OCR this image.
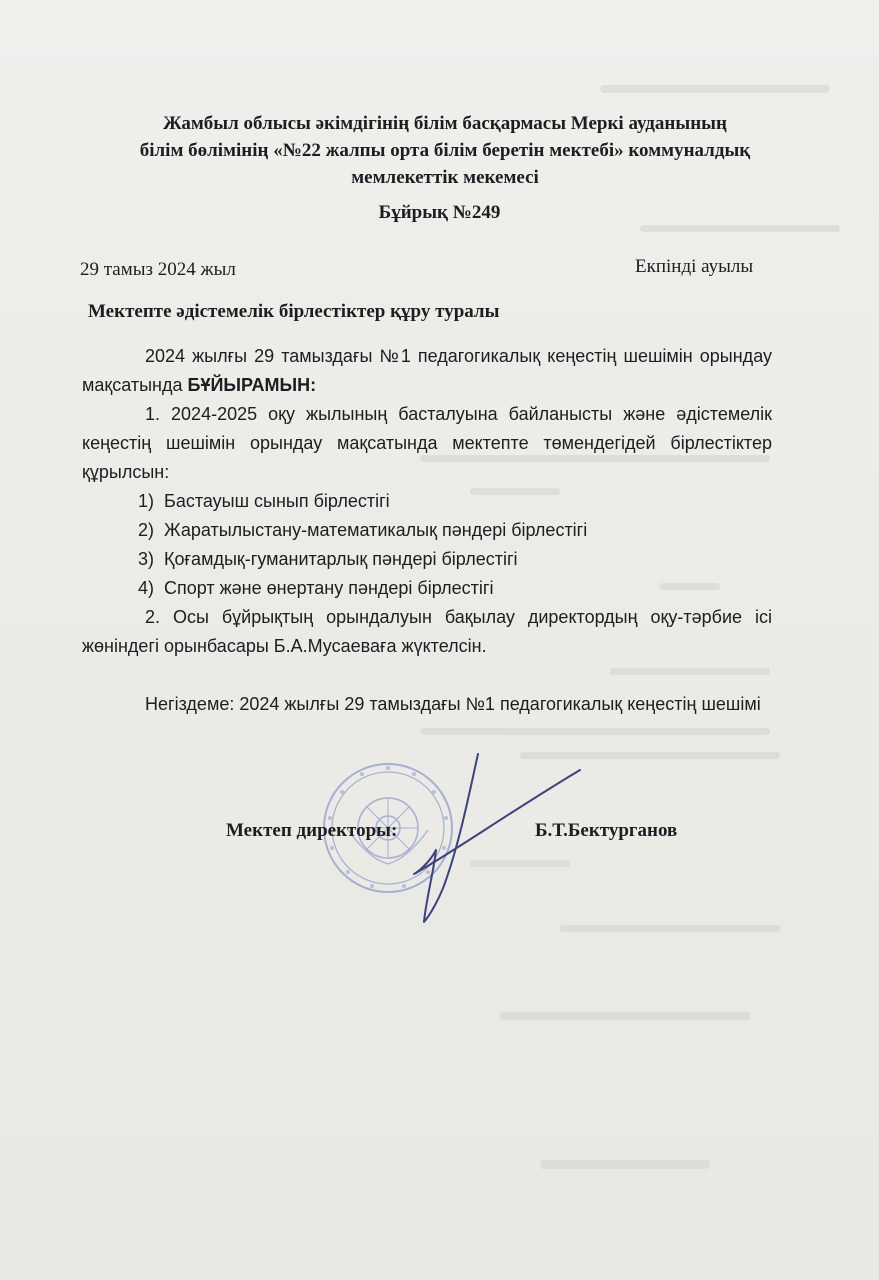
Жамбыл облысы әкімдігінің білім басқармасы Меркі ауданының
білім бөлімінің «№22 жалпы орта білім беретін мектебі» коммуналдық
мемлекеттік мекемесі
Бұйрық №249
29 тамыз 2024 жыл	Екпінді ауылы
Мектепте әдістемелік бірлестіктер құру туралы

2024 жылғы 29 тамыздағы №1 педагогикалық кеңестің шешімін орындау мақсатында БҰЙЫРАМЫН:

1. 2024-2025 оқу жылының басталуына байланысты және әдістемелік кеңестің шешімін орындау мақсатында мектепте төмендегідей бірлестіктер құрылсын:

1) Бастауыш сынып бірлестігі

2) Жаратылыстану-математикалық пәндері бірлестігі

3) Қоғамдық-гуманитарлық пәндері бірлестігі

4) Спорт және өнертану пәндері бірлестігі

2. Осы бұйрықтың орындалуын бақылау директордың оқу-тәрбие ісі жөніндегі орынбасары Б.А.Мусаеваға жүктелсін.

Негіздеме: 2024 жылғы 29 тамыздағы №1 педагогикалық кеңестің шешімі

Мектеп директоры:	Б.Т.Бектурганов
